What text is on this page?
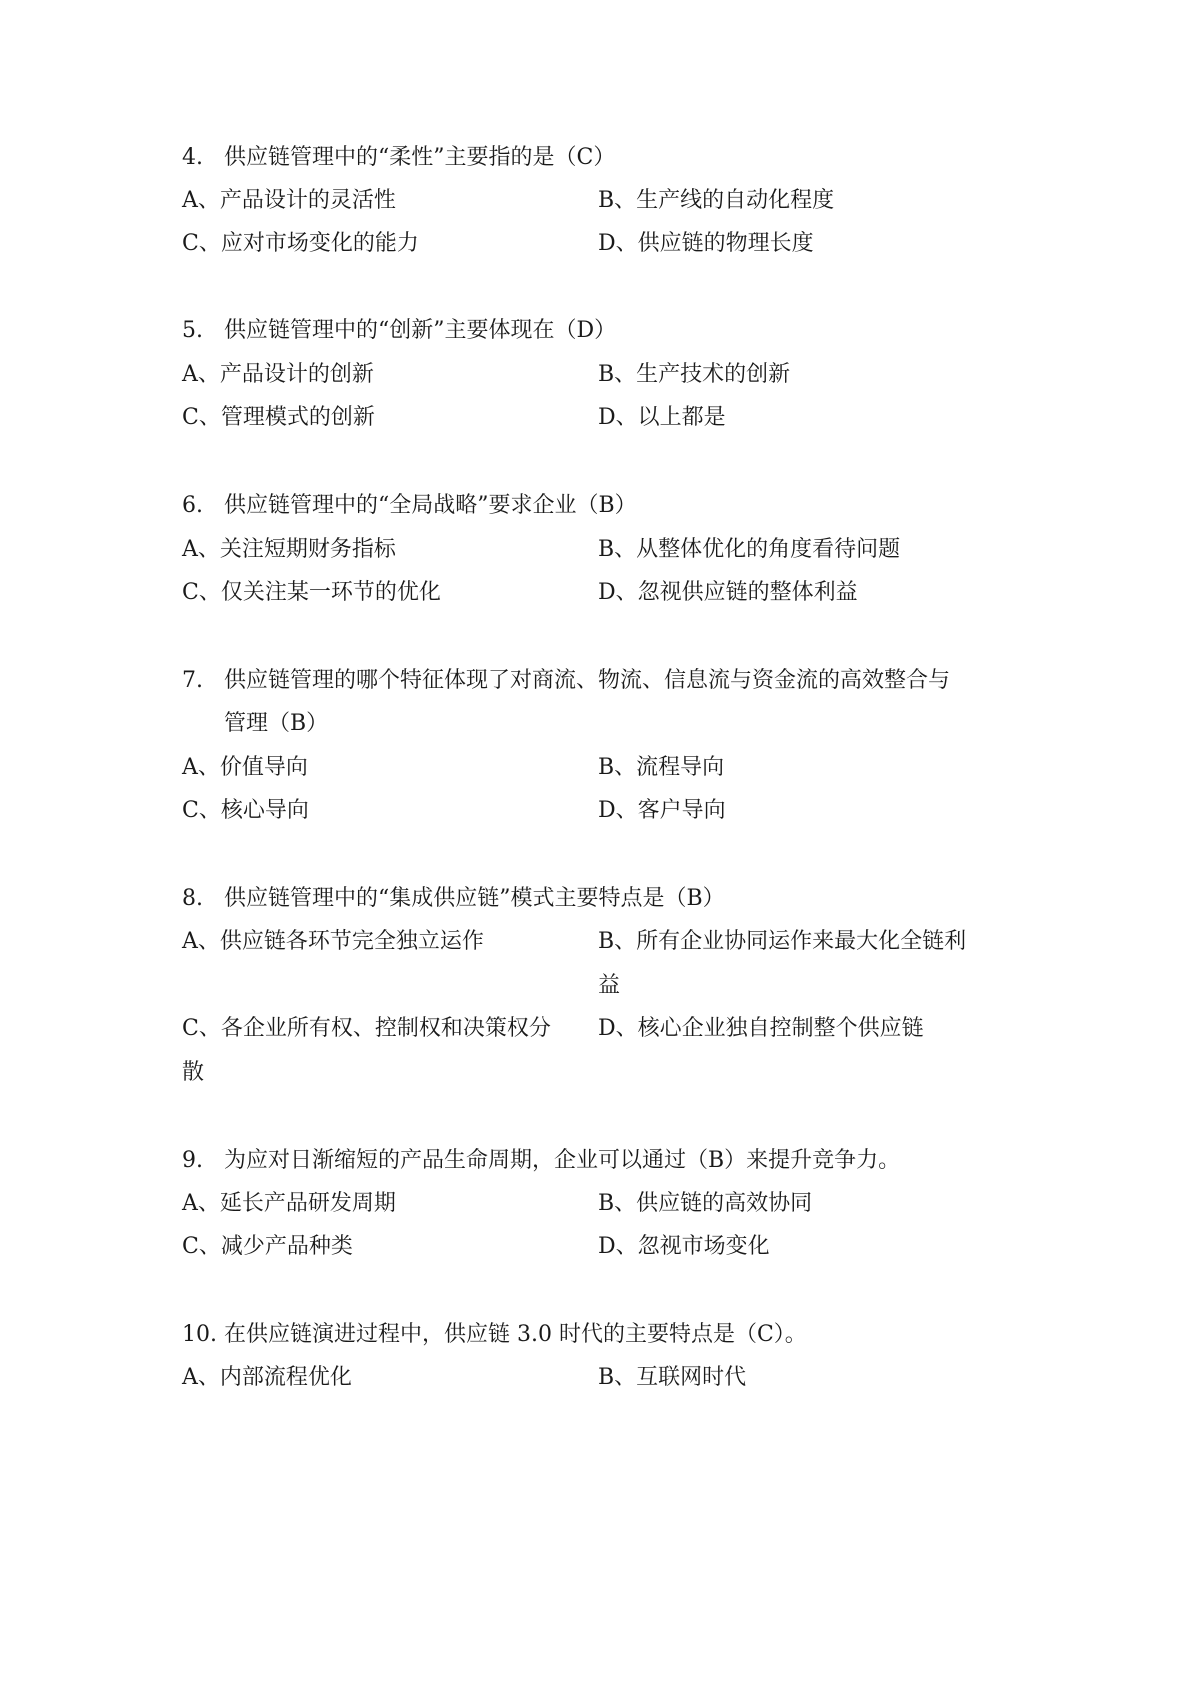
4. 供应链管理中的“柔性”主要指的是（C）
A、产品设计的灵活性	B、生产线的自动化程度
C、应对市场变化的能力	D、供应链的物理长度
5. 供应链管理中的“创新”主要体现在（D）
A、产品设计的创新	B、生产技术的创新
C、管理模式的创新	D、以上都是
6. 供应链管理中的“全局战略”要求企业（B）
A、关注短期财务指标	B、从整体优化的角度看待问题
C、仅关注某一环节的优化	D、忽视供应链的整体利益
7. 供应链管理的哪个特征体现了对商流、物流、信息流与资金流的高效整合与
管理（B）
A、价值导向	B、流程导向
C、核心导向	D、客户导向
8. 供应链管理中的“集成供应链”模式主要特点是（B）
A、供应链各环节完全独立运作	B、所有企业协同运作来最大化全链利
益
C、各企业所有权、控制权和决策权分 D、核心企业独自控制整个供应链
散
9. 为应对日渐缩短的产品生命周期，企业可以通过（B）来提升竞争力。
A、延长产品研发周期	B、供应链的高效协同
C、减少产品种类	D、忽视市场变化
10. 在供应链演进过程中，供应链 3.0 时代的主要特点是（C）。
A、内部流程优化	B、互联网时代
